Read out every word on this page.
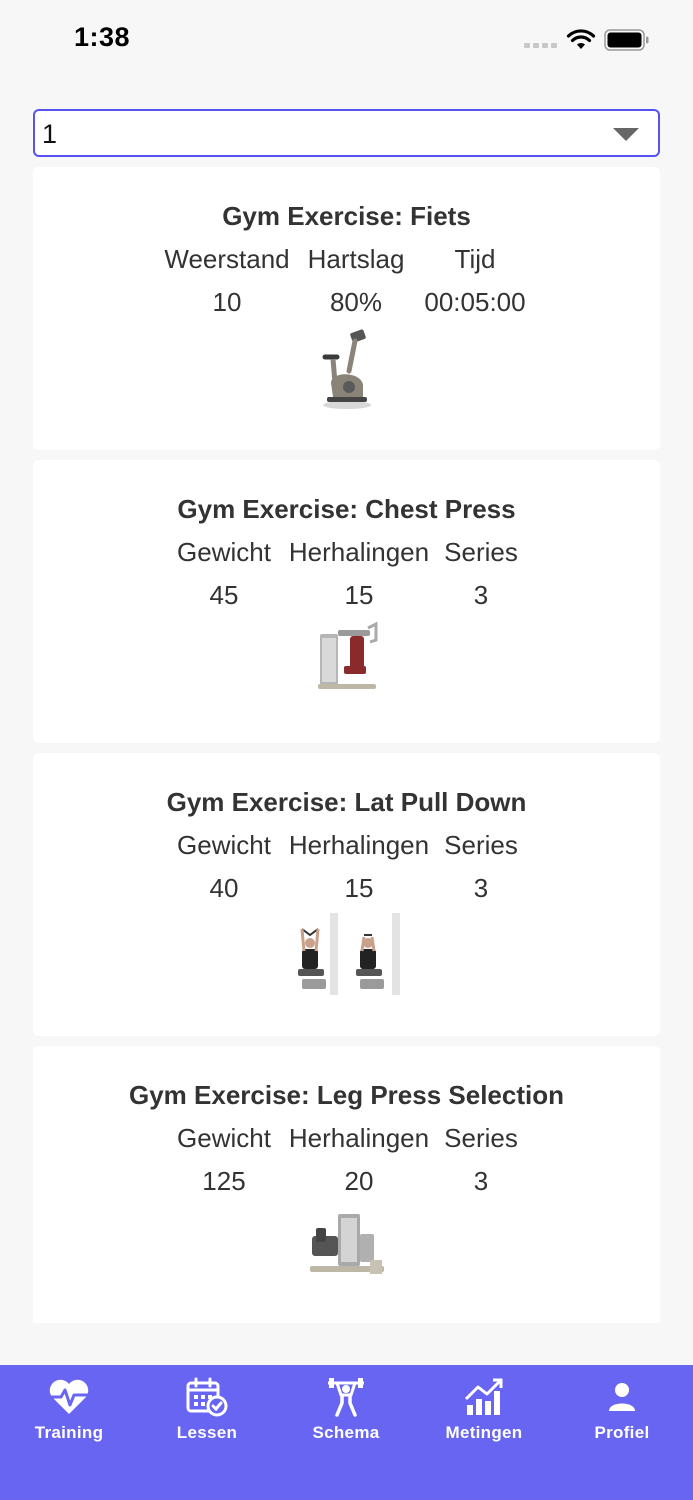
1:38
1
Gym Exercise: Fiets
Weerstand Hartslag Tijd
10	80% 00:05:00
Gym Exercise: Chest Press
Gewicht Herhalingen Series
45	15	3
Gym Exercise: Lat Pull Down
Gewicht Herhalingen Series
40	15	3
Gym Exercise: Leg Press Selection
Gewicht Herhalingen Series
125	20	3
Training	Lessen	Schema	Metingen	Profiel
